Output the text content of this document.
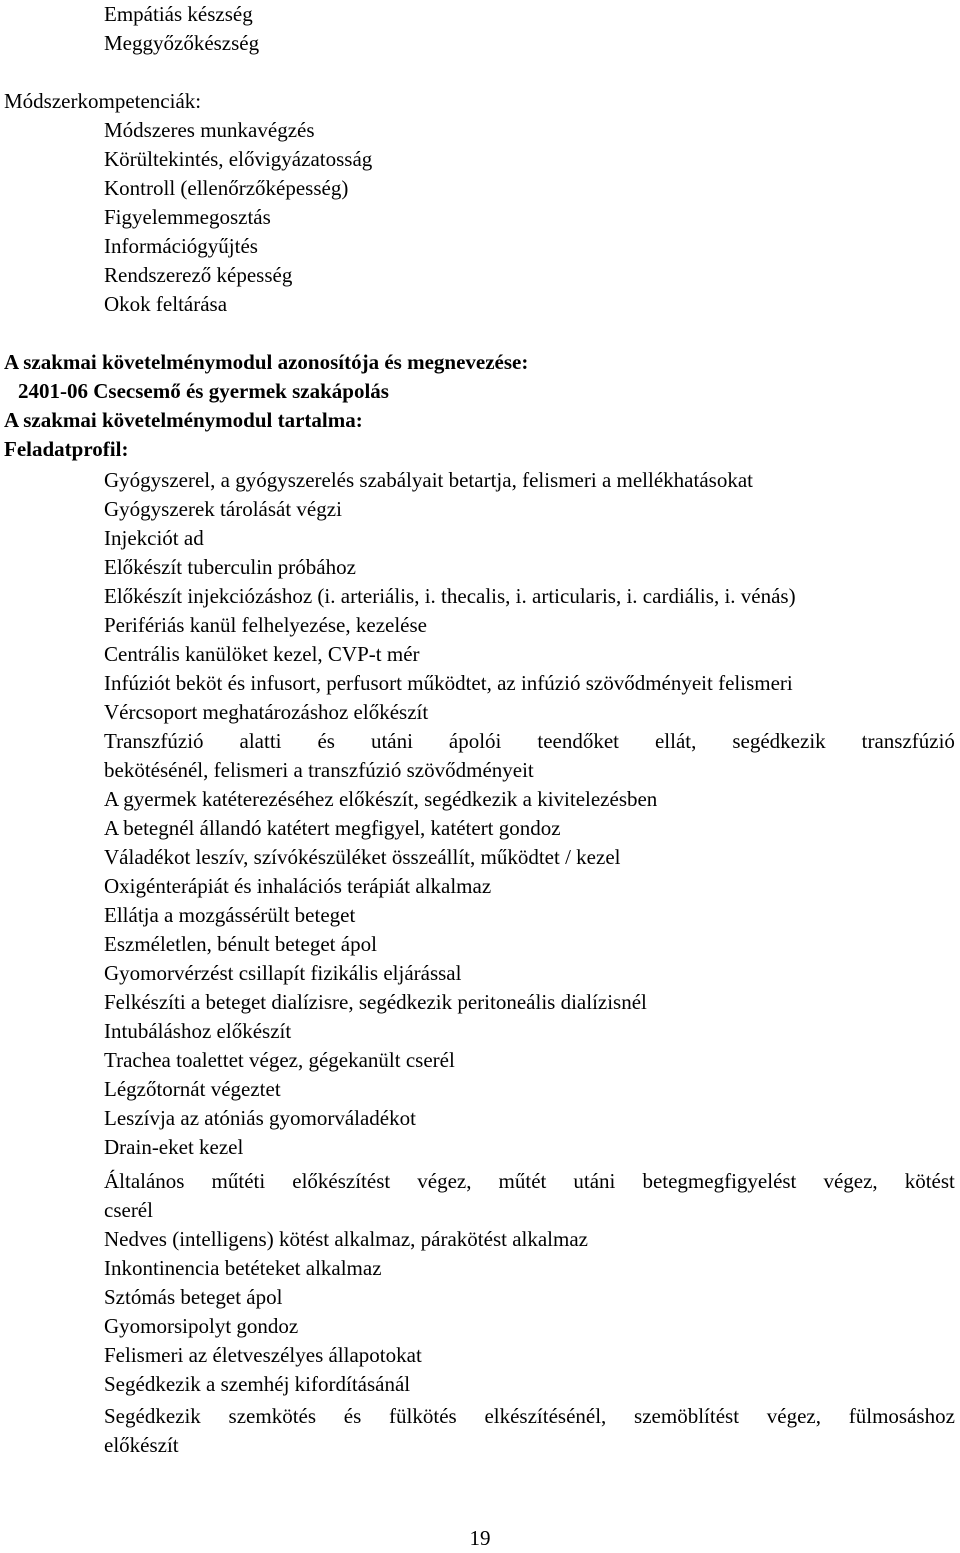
Empátiás készség
Meggyőzőkészség
Módszerkompetenciák:
Módszeres munkavégzés
Körültekintés, elővigyázatosság
Kontroll (ellenőrzőképesség)
Figyelemmegosztás
Információgyűjtés
Rendszerező képesség
Okok feltárása
A szakmai követelménymodul azonosítója és megnevezése:
2401-06 Csecsemő és gyermek szakápolás
A szakmai követelménymodul tartalma:
Feladatprofil:
Gyógyszerel, a gyógyszerelés szabályait betartja, felismeri a mellékhatásokat
Gyógyszerek tárolását végzi
Injekciót ad
Előkészít tuberculin próbához
Előkészít injekciózáshoz (i. arteriális, i. thecalis, i. articularis, i. cardiális, i. vénás)
Perifériás kanül felhelyezése, kezelése
Centrális kanülöket kezel, CVP-t mér
Infúziót beköt és infusort, perfusort működtet, az infúzió szövődményeit felismeri
Vércsoport meghatározáshoz előkészít
Transzfúzió alatti és utáni ápolói teendőket ellát, segédkezik transzfúzió
bekötésénél, felismeri a transzfúzió szövődményeit
A gyermek katéterezéséhez előkészít, segédkezik a kivitelezésben
A betegnél állandó katétert megfigyel, katétert gondoz
Váladékot leszív, szívókészüléket összeállít, működtet / kezel
Oxigénterápiát és inhalációs terápiát alkalmaz
Ellátja a mozgássérült beteget
Eszméletlen, bénult beteget ápol
Gyomorvérzést csillapít fizikális eljárással
Felkészíti a beteget dialízisre, segédkezik peritoneális dialízisnél
Intubáláshoz előkészít
Trachea toalettet végez, gégekanült cserél
Légzőtornát végeztet
Leszívja az atóniás gyomorváladékot
Drain-eket kezel
Általános műtéti előkészítést végez, műtét utáni betegmegfigyelést végez, kötést
cserél
Nedves (intelligens) kötést alkalmaz, párakötést alkalmaz
Inkontinencia betéteket alkalmaz
Sztómás beteget ápol
Gyomorsipolyt gondoz
Felismeri az életveszélyes állapotokat
Segédkezik a szemhéj kifordításánál
Segédkezik szemkötés és fülkötés elkészítésénél, szemöblítést végez, fülmosáshoz
előkészít
19
